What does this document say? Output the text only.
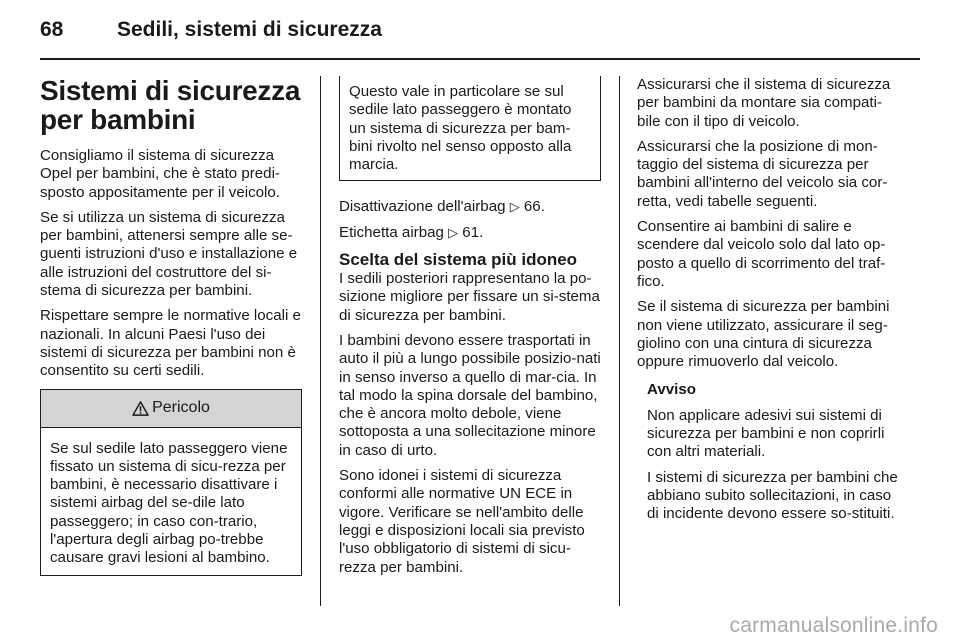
68	Sedili, sistemi di sicurezza
Sistemi di sicurezza per bambini

Consigliamo il sistema di sicurezza Opel per bambini, che è stato predi-sposto appositamente per il veicolo.

Se si utilizza un sistema di sicurezza per bambini, attenersi sempre alle se-guenti istruzioni d'uso e installazione e alle istruzioni del costruttore del si-stema di sicurezza per bambini.

Rispettare sempre le normative locali e nazionali. In alcuni Paesi l'uso dei sistemi di sicurezza per bambini non è consentito su certi sedili.

Pericolo
Se sul sedile lato passeggero viene fissato un sistema di sicu-rezza per bambini, è necessario disattivare i sistemi airbag del se-dile lato passeggero; in caso con-trario, l'apertura degli airbag po-trebbe causare gravi lesioni al bambino.
Questo vale in particolare se sul sedile lato passeggero è montato un sistema di sicurezza per bam-bini rivolto nel senso opposto alla marcia.

Disattivazione dell'airbag ▷ 66.

Etichetta airbag ▷ 61.

Scelta del sistema più idoneo

I sedili posteriori rappresentano la po-sizione migliore per fissare un si-stema di sicurezza per bambini.

I bambini devono essere trasportati in auto il più a lungo possibile posizio-nati in senso inverso a quello di mar-cia. In tal modo la spina dorsale del bambino, che è ancora molto debole, viene sottoposta a una sollecitazione minore in caso di urto.

Sono idonei i sistemi di sicurezza conformi alle normative UN ECE in vigore. Verificare se nell'ambito delle leggi e disposizioni locali sia previsto l'uso obbligatorio di sistemi di sicu-rezza per bambini.

Assicurarsi che il sistema di sicurezza per bambini da montare sia compati-bile con il tipo di veicolo.

Assicurarsi che la posizione di mon-taggio del sistema di sicurezza per bambini all'interno del veicolo sia cor-retta, vedi tabelle seguenti.

Consentire ai bambini di salire e scendere dal veicolo solo dal lato op-posto a quello di scorrimento del traf-fico.

Se il sistema di sicurezza per bambini non viene utilizzato, assicurare il seg-giolino con una cintura di sicurezza oppure rimuoverlo dal veicolo.

Avviso

Non applicare adesivi sui sistemi di sicurezza per bambini e non coprirli con altri materiali.

I sistemi di sicurezza per bambini che abbiano subito sollecitazioni, in caso di incidente devono essere so-stituiti.

carmanualsonline.info
